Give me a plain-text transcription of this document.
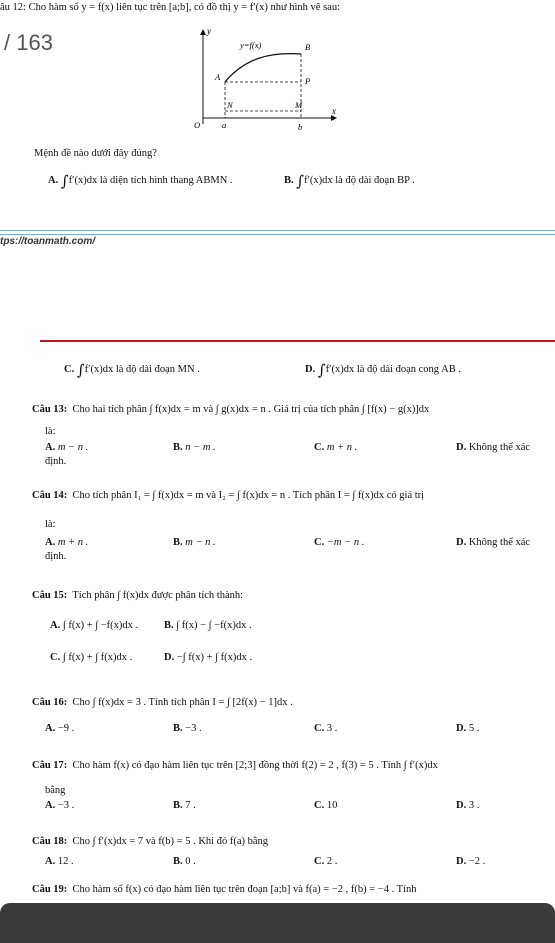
âu 12: Cho hàm số y = f(x) liên tục trên [a;b], có đồ thị y = f′(x) như hình vẽ sau:
/ 163	y
x
y=f(x)
O	a	b
A
B
P
M
N
Mệnh đề nào dưới đây đúng?
A. ∫f′(x)dx là diện tích hình thang ABMN .	B. ∫f′(x)dx là độ dài đoạn BP .
tps://toanmath.com/
C. ∫f′(x)dx là độ dài đoạn MN .	D. ∫f′(x)dx là độ dài đoạn cong AB .
Câu 13: Cho hai tích phân ∫ f(x)dx = m và ∫ g(x)dx = n . Giá trị của tích phân ∫ [f(x) − g(x)]dx
là:
A. m − n .	B. n − m .	C. m + n .	D. Không thể xác
định.
Câu 14: Cho tích phân I₁ = ∫ f(x)dx = m và I₂ = ∫ f(x)dx = n . Tích phân I = ∫ f(x)dx có giá trị
là:
A. m + n .	B. m − n .	C. −m − n .	D. Không thể xác
định.
Câu 15: Tích phân ∫ f(x)dx được phân tích thành:
A. ∫ f(x) + ∫ −f(x)dx . B. ∫ f(x) − ∫ −f(x)dx .
C. ∫ f(x) + ∫ f(x)dx .	D. −∫ f(x) + ∫ f(x)dx .
Câu 16: Cho ∫ f(x)dx = 3 . Tính tích phân I = ∫ [2f(x) − 1]dx .
A. −9 .	B. −3 .	C. 3 .	D. 5 .
Câu 17: Cho hàm f(x) có đạo hàm liên tục trên [2;3] đồng thời f(2) = 2 , f(3) = 5 . Tính ∫ f′(x)dx
bằng
A. −3 .	B. 7 .	C. 10	D. 3 .
Câu 18: Cho ∫ f′(x)dx = 7 và f(b) = 5 . Khi đó f(a) bằng
A. 12 .	B. 0 .	C. 2 .	D. −2 .
Câu 19: Cho hàm số f(x) có đạo hàm liên tục trên đoạn [a;b] và f(a) = −2 , f(b) = −4 . Tính
